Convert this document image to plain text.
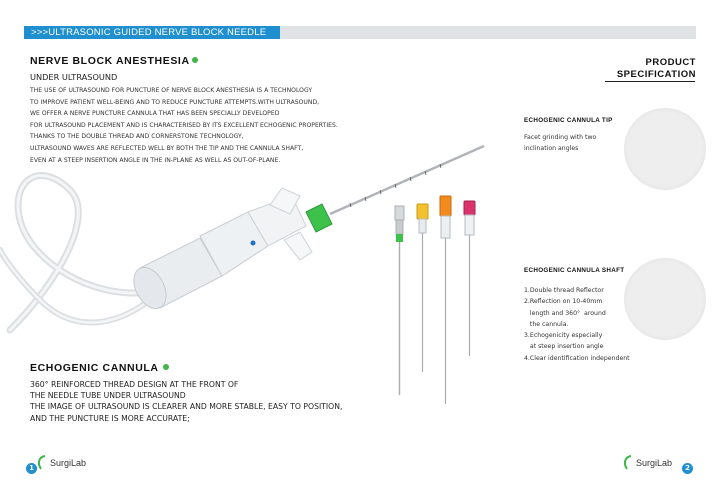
>>>ULTRASONIC GUIDED NERVE BLOCK NEEDLE
NERVE BLOCK ANESTHESIA
UNDER ULTRASOUND
THE USE OF ULTRASOUND FOR PUNCTURE OF NERVE BLOCK ANESTHESIA IS A TECHNOLOGY
TO IMPROVE PATIENT WELL-BEING AND TO REDUCE PUNCTURE ATTEMPTS.WITH ULTRASOUND,
WE OFFER A NERVE PUNCTURE CANNULA THAT HAS BEEN SPECIALLY DEVELOPED
FOR ULTRASOUND PLACEMENT AND IS CHARACTERISED BY ITS EXCELLENT ECHOGENIC PROPERTIES.
THANKS TO THE DOUBLE THREAD AND CORNERSTONE TECHNOLOGY,
ULTRASOUND WAVES ARE REFLECTED WELL BY BOTH THE TIP AND THE CANNULA SHAFT,
EVEN AT A STEEP INSERTION ANGLE IN THE IN-PLANE AS WELL AS OUT-OF-PLANE.
ECHOGENIC CANNULA
360° REINFORCED THREAD DESIGN AT THE FRONT OF
THE NEEDLE TUBE UNDER ULTRASOUND
THE IMAGE OF ULTRASOUND IS CLEARER AND MORE STABLE, EASY TO POSITION,
AND THE PUNCTURE IS MORE ACCURATE;
PRODUCT
SPECIFICATION
ECHOGENIC CANNULA TIP
Facet grinding with two
inclination angles
ECHOGENIC CANNULA SHAFT
1.Double thread Reflector
2.Reflection on 10-40mm
length and 360°  around
the cannula.
3.Echogenicity especially
at steep insertion angle
4.Clear identification independent
1	SurgiLab	SurgiLab	2
